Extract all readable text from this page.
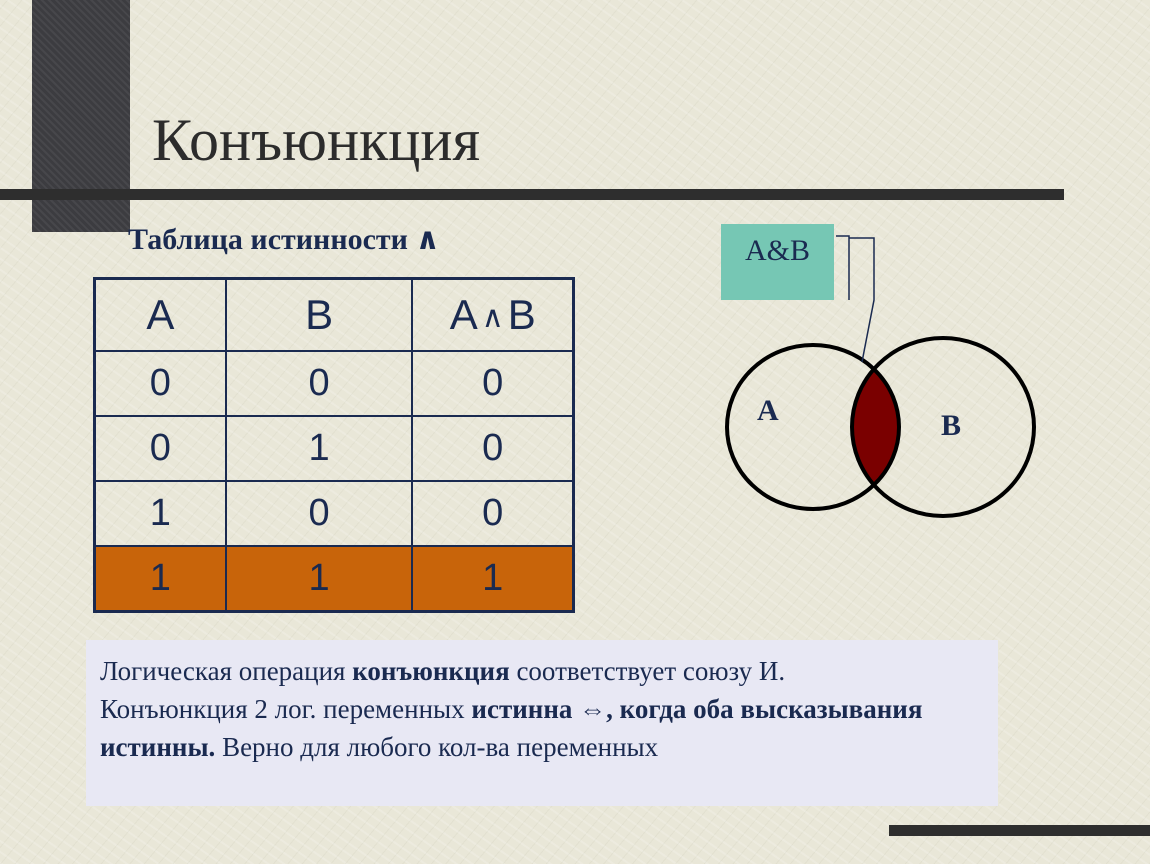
Конъюнкция
Таблица истинности ∧
A	B	A ∧B
0	0	0
0	1	0
1	0	0
1	1	1
A&B
A	B
Логическая операция конъюнкция соответствует союзу И.
Конъюнкция 2 лог. переменных истинна ⇔, когда оба высказывания истинны. Верно для любого кол-ва переменных
